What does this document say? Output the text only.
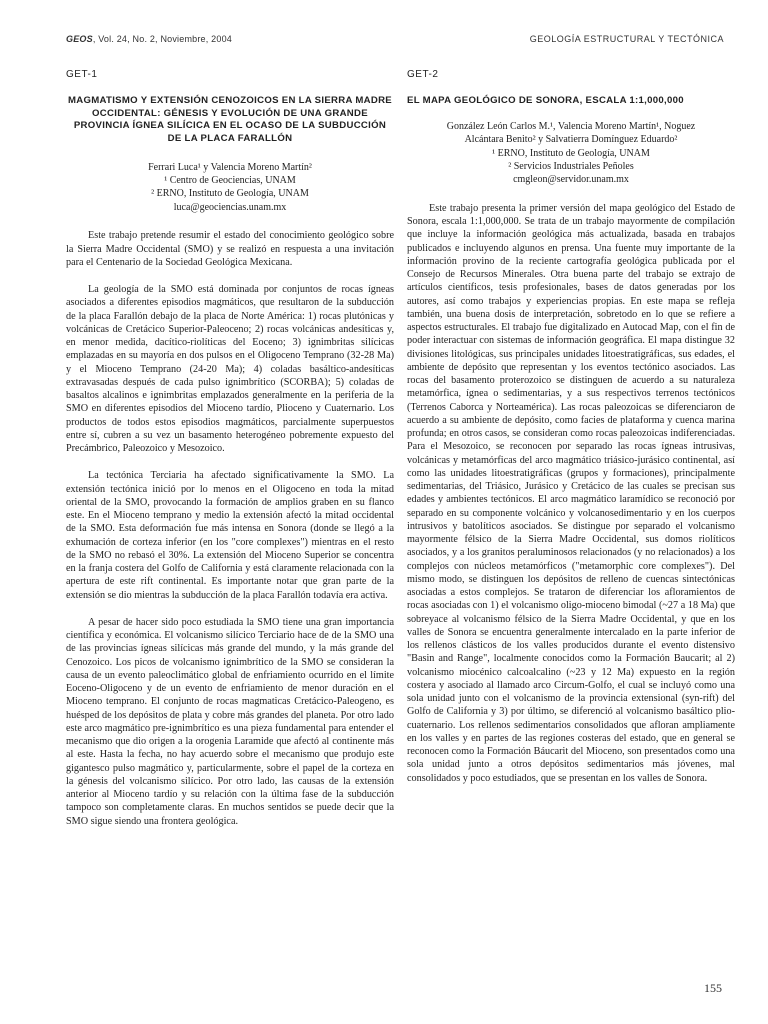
GEOS, Vol. 24, No. 2, Noviembre, 2004	GEOLOGÍA ESTRUCTURAL Y TECTÓNICA

GET-1

MAGMATISMO Y EXTENSIÓN CENOZOICOS EN LA SIERRA MADRE OCCIDENTAL: GÉNESIS Y EVOLUCIÓN DE UNA GRANDE PROVINCIA ÍGNEA SILÍCICA EN EL OCASO DE LA SUBDUCCIÓN DE LA PLACA FARALLÓN

Ferrari Luca¹ y Valencia Moreno Martín²

¹ Centro de Geociencias, UNAM

² ERNO, Instituto de Geología, UNAM

luca@geociencias.unam.mx

Este trabajo pretende resumir el estado del conocimiento geológico sobre la Sierra Madre Occidental (SMO) y se realizó en respuesta a una invitación para el Centenario de la Sociedad Geológica Mexicana.

La geología de la SMO está dominada por conjuntos de rocas ígneas asociados a diferentes episodios magmáticos, que resultaron de la subducción de la placa Farallón debajo de la placa de Norte América: 1) rocas plutónicas y volcánicas de Cretácico Superior-Paleoceno; 2) rocas volcánicas andesíticas y, en menor medida, dacítico-riolíticas del Eoceno; 3) ignimbritas silícicas emplazadas en su mayoría en dos pulsos en el Oligoceno Temprano (32-28 Ma) y el Mioceno Temprano (24-20 Ma); 4) coladas basáltico-andesíticas extravasadas después de cada pulso ignimbrítico (SCORBA); 5) coladas de basaltos alcalinos e ignimbritas emplazados generalmente en la periferia de la SMO en diferentes episodios del Mioceno tardío, Plioceno y Cuaternario. Los productos de todos estos episodios magmáticos, parcialmente superpuestos entre sí, cubren a su vez un basamento heterogéneo pobremente expuesto del Precámbrico, Paleozoico y Mesozoico.

La tectónica Terciaria ha afectado significativamente la SMO. La extensión tectónica inició por lo menos en el Oligoceno en toda la mitad oriental de la SMO, provocando la formación de amplios graben en su flanco este. En el Mioceno temprano y medio la extensión afectó la mitad occidental de la SMO. Esta deformación fue más intensa en Sonora (donde se llegó a la exhumación de corteza inferior (en los "core complexes") mientras en el resto de la SMO no rebasó el 30%. La extensión del Mioceno Superior se concentra en la franja costera del Golfo de California y está claramente relacionada con la apertura de este rift continental. Es importante notar que gran parte de la extensión se dio mientras la subducción de la placa Farallón todavía era activa.

A pesar de hacer sido poco estudiada la SMO tiene una gran importancia científica y económica. El volcanismo silícico Terciario hace de de la SMO una de las provincias ígneas silícicas más grande del mundo, y la más grande del Cenozoico. Los picos de volcanismo ignimbrítico de la SMO se consideran la causa de un evento paleoclimático global de enfriamiento ocurrido en el límite Eoceno-Oligoceno y de un evento de enfriamiento de menor duración en el Mioceno temprano. El conjunto de rocas magmaticas Cretácico-Paleogeno, es huésped de los depósitos de plata y cobre más grandes del planeta. Por otro lado este arco magmático pre-ignimbrítico es una pieza fundamental para entender el mecanismo que dio origen a la orogenia Laramide que afectó al continente más al este. Hasta la fecha, no hay acuerdo sobre el mecanismo que produjo este gigantesco pulso magmático y, particularmente, sobre el papel de la corteza en la génesis del volcanismo silícico. Por otro lado, las causas de la extensión anterior al Mioceno tardío y su relación con la última fase de la subducción tampoco son completamente claras. En muchos sentidos se puede decir que la SMO sigue siendo una frontera geológica.

GET-2

EL MAPA GEOLÓGICO DE SONORA, ESCALA 1:1,000,000

González León Carlos M.¹, Valencia Moreno Martín¹, Noguez

Alcántara Benito² y Salvatierra Domínguez Eduardo²

¹ ERNO, Instituto de Geología, UNAM

² Servicios Industriales Peñoles

cmgleon@servidor.unam.mx

Este trabajo presenta la primer versión del mapa geológico del Estado de Sonora, escala 1:1,000,000. Se trata de un trabajo mayormente de compilación que incluye la información geológica más actualizada, basada en trabajos publicados e incluyendo algunos en prensa. Una fuente muy importante de la información provino de la reciente cartografía geológica publicada por el Consejo de Recursos Minerales. Otra buena parte del trabajo se extrajo de artículos científicos, tesis profesionales, bases de datos generadas por los autores, así como trabajos y experiencias propias. En este mapa se refleja también, una buena dosis de interpretación, sobretodo en lo que se refiere a aspectos estructurales. El trabajo fue digitalizado en Autocad Map, con el fin de poder interactuar con sistemas de información geográfica. El mapa distingue 32 divisiones litológicas, sus principales unidades litoestratigráficas, sus edades, el ambiente de depósito que representan y los eventos tectónico asociados. Las rocas del basamento proterozoico se distinguen de acuerdo a su naturaleza metamórfica, ígnea o sedimentarias, y a sus respectivos terrenos tectónicos (Terrenos Caborca y Norteamérica). Las rocas paleozoicas se diferenciaron de acuerdo a su ambiente de depósito, como facies de plataforma y cuenca marina profunda; en otros casos, se consideran como rocas paleozoicas indiferenciadas. Para el Mesozoico, se reconocen por separado las rocas ígneas intrusivas, volcánicas y metamórficas del arco magmático triásico-jurásico continental, así como las unidades litoestratigráficas (grupos y formaciones), principalmente sedimentarias, del Triásico, Jurásico y Cretácico de las cuales se precisan sus edades y ambientes tectónicos. El arco magmático laramídico se reconoció por separado en su componente volcánico y volcanosedimentario y en los cuerpos intrusivos y batolíticos asociados. Se distingue por separado el volcanismo mayormente félsico de la Sierra Madre Occidental, sus domos riolíticos asociados, y a los granitos peraluminosos relacionados (y no relacionados) a los complejos con núcleos metamórficos ("metamorphic core complexes"). Del mismo modo, se distinguen los depósitos de relleno de cuencas sintectónicas asociadas a estos complejos. Se trataron de diferenciar los afloramientos de rocas asociadas con 1) el volcanismo oligo-mioceno bimodal (~27 a 18 Ma) que sobreyace al volcanismo félsico de la Sierra Madre Occidental, y que en los valles de Sonora se encuentra generalmente intercalado en la parte inferior de los rellenos clásticos de los valles producidos durante el evento distensivo "Basin and Range", localmente conocidos como la Formación Baucarit; al 2) volcanismo miocénico calcoalcalino (~23 y 12 Ma) expuesto en la región costera y asociado al llamado arco Circum-Golfo, el cual se incluyó como una sola unidad junto con el volcanismo de la provincia extensional (syn-rift) del Golfo de California y 3) por último, se diferenció al volcanismo basáltico plio-cuaternario. Los rellenos sedimentarios consolidados que afloran ampliamente en los valles y en partes de las regiones costeras del estado, que en general se reconocen como la Formación Báucarit del Mioceno, son presentados como una sola unidad junto a otros depósitos sedimentarios más jóvenes, mal consolidados y poco estudiados, que se presentan en los valles de Sonora.

155
